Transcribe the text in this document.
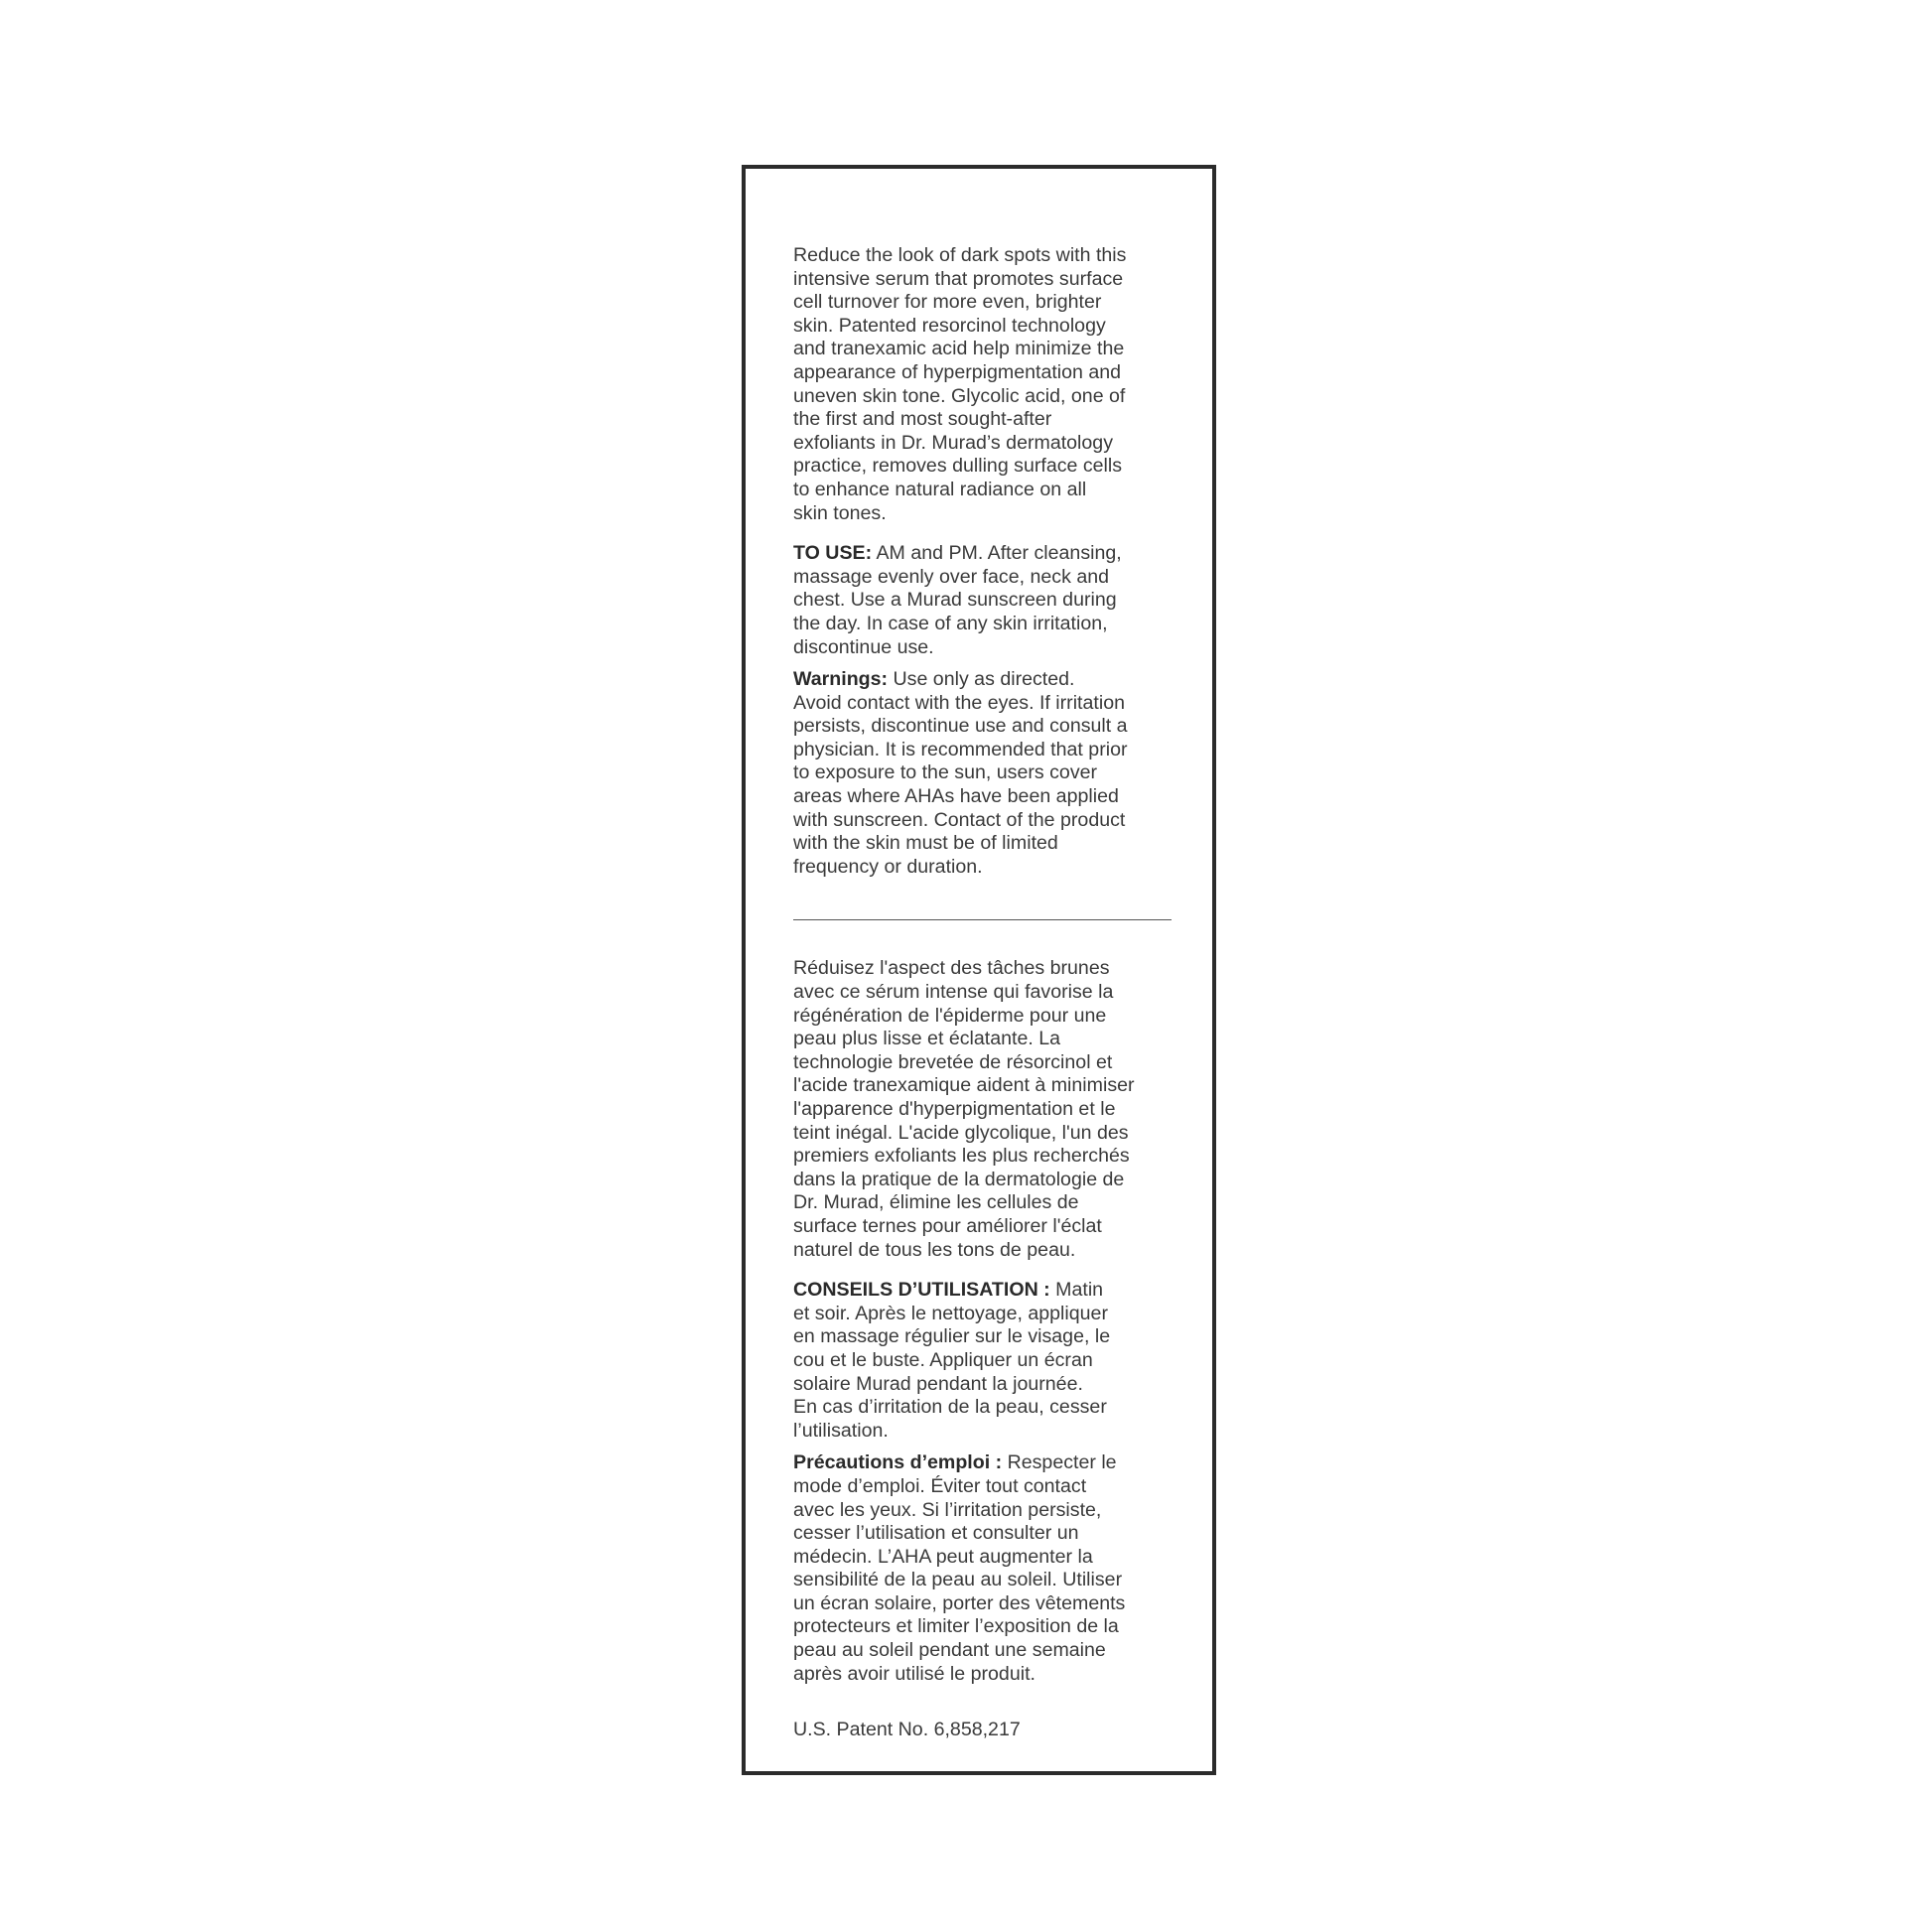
Reduce the look of dark spots with this
intensive serum that promotes surface
cell turnover for more even, brighter
skin. Patented resorcinol technology
and tranexamic acid help minimize the
appearance of hyperpigmentation and
uneven skin tone. Glycolic acid, one of
the first and most sought-after
exfoliants in Dr. Murad’s dermatology
practice, removes dulling surface cells
to enhance natural radiance on all
skin tones.

TO USE: AM and PM. After cleansing,
massage evenly over face, neck and
chest. Use a Murad sunscreen during
the day. In case of any skin irritation,
discontinue use.

Warnings: Use only as directed.
Avoid contact with the eyes. If irritation
persists, discontinue use and consult a
physician. It is recommended that prior
to exposure to the sun, users cover
areas where AHAs have been applied
with sunscreen. Contact of the product
with the skin must be of limited
frequency or duration.

Réduisez l'aspect des tâches brunes
avec ce sérum intense qui favorise la
régénération de l'épiderme pour une
peau plus lisse et éclatante. La
technologie brevetée de résorcinol et
l'acide tranexamique aident à minimiser
l'apparence d'hyperpigmentation et le
teint inégal. L'acide glycolique, l'un des
premiers exfoliants les plus recherchés
dans la pratique de la dermatologie de
Dr. Murad, élimine les cellules de
surface ternes pour améliorer l'éclat
naturel de tous les tons de peau.

CONSEILS D’UTILISATION : Matin
et soir. Après le nettoyage, appliquer
en massage régulier sur le visage, le
cou et le buste. Appliquer un écran
solaire Murad pendant la journée.
En cas d’irritation de la peau, cesser
l’utilisation.

Précautions d’emploi : Respecter le
mode d’emploi. Éviter tout contact
avec les yeux. Si l’irritation persiste,
cesser l’utilisation et consulter un
médecin. L’AHA peut augmenter la
sensibilité de la peau au soleil. Utiliser
un écran solaire, porter des vêtements
protecteurs et limiter l’exposition de la
peau au soleil pendant une semaine
après avoir utilisé le produit.

U.S. Patent No. 6,858,217
